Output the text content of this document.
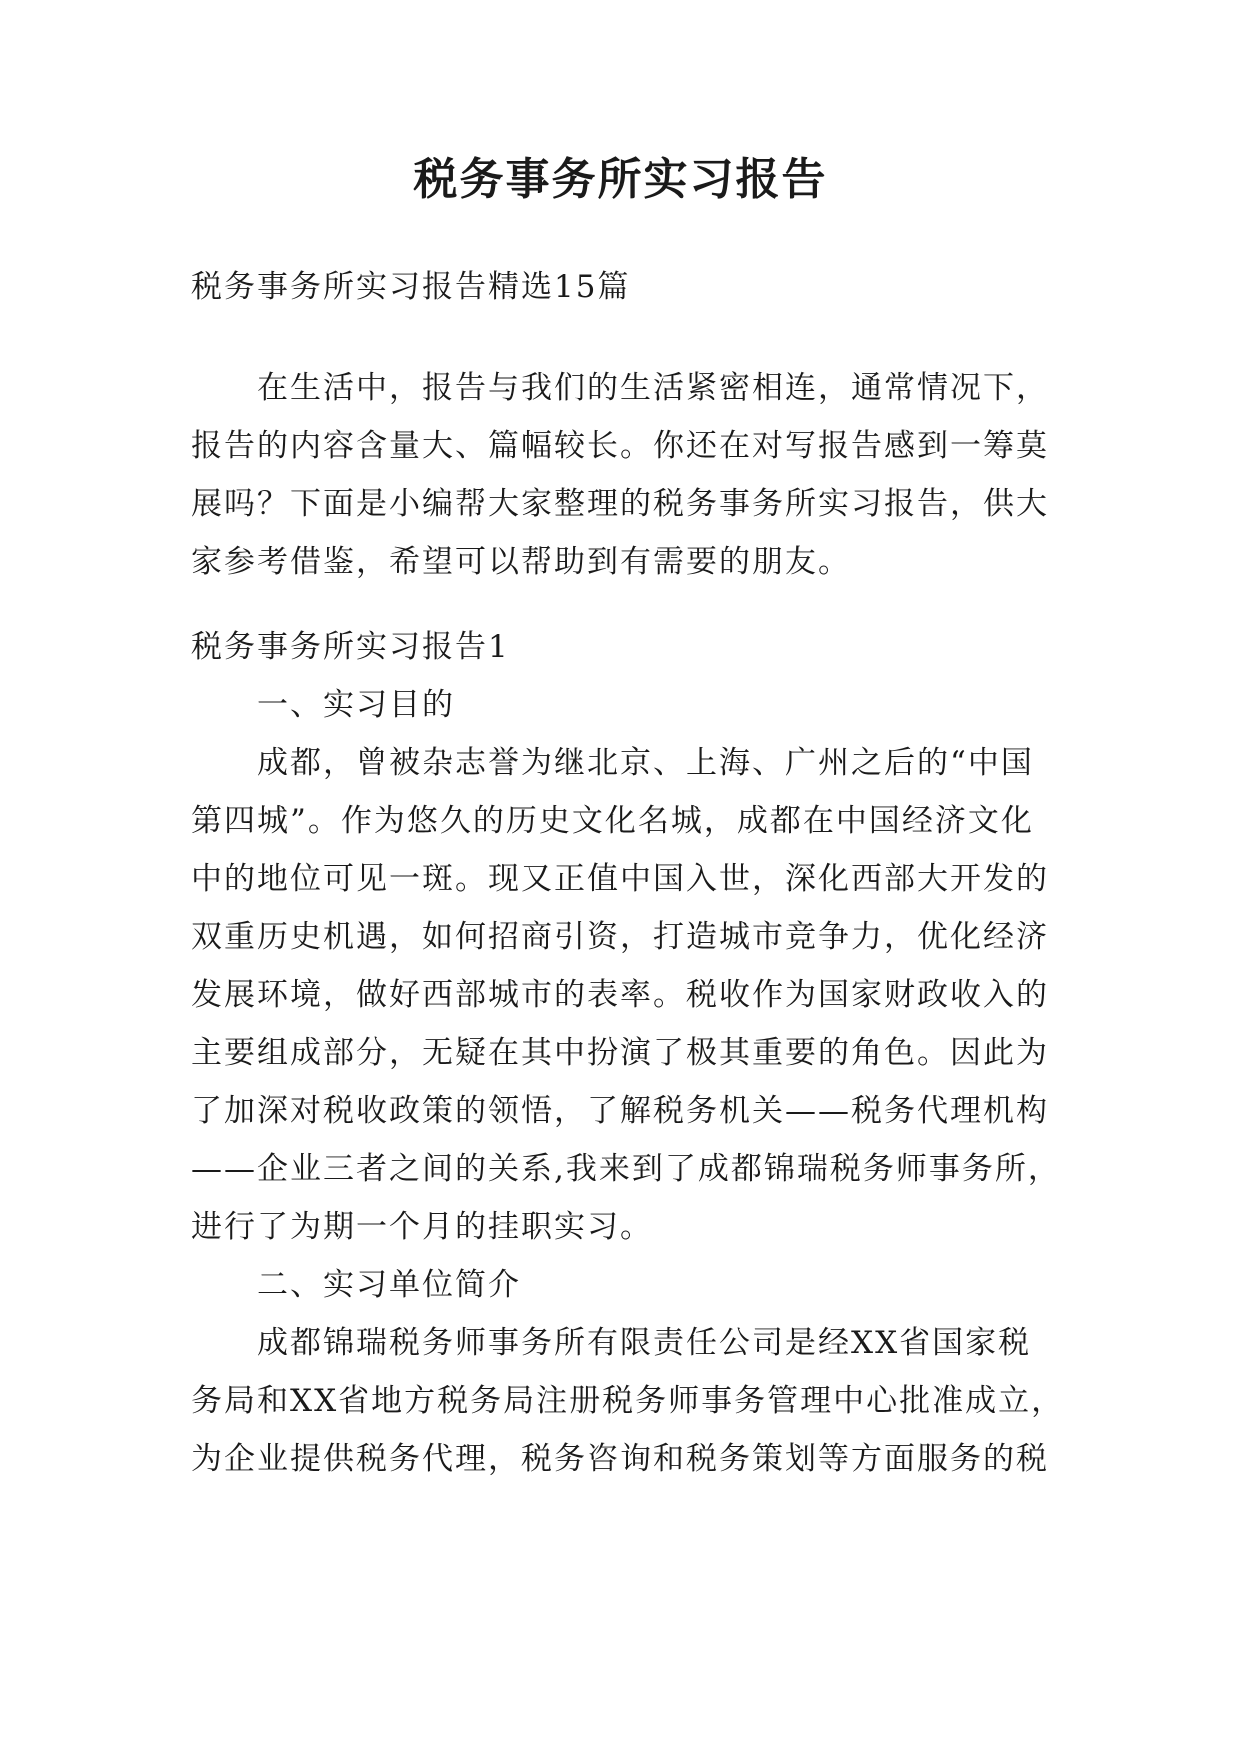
税务事务所实习报告
税务事务所实习报告精选15篇
在生活中，报告与我们的生活紧密相连，通常情况下，
报告的内容含量大、篇幅较长。你还在对写报告感到一筹莫
展吗？下面是小编帮大家整理的税务事务所实习报告，供大
家参考借鉴，希望可以帮助到有需要的朋友。
税务事务所实习报告1
一、实习目的
成都，曾被杂志誉为继北京、上海、广州之后的“中国
第四城”。作为悠久的历史文化名城，成都在中国经济文化
中的地位可见一斑。现又正值中国入世，深化西部大开发的
双重历史机遇，如何招商引资，打造城市竞争力，优化经济
发展环境，做好西部城市的表率。税收作为国家财政收入的
主要组成部分，无疑在其中扮演了极其重要的角色。因此为
了加深对税收政策的领悟，了解税务机关——税务代理机构
——企业三者之间的关系,我来到了成都锦瑞税务师事务所，
进行了为期一个月的挂职实习。
二、实习单位简介
成都锦瑞税务师事务所有限责任公司是经XX省国家税
务局和XX省地方税务局注册税务师事务管理中心批准成立，
为企业提供税务代理，税务咨询和税务策划等方面服务的税
